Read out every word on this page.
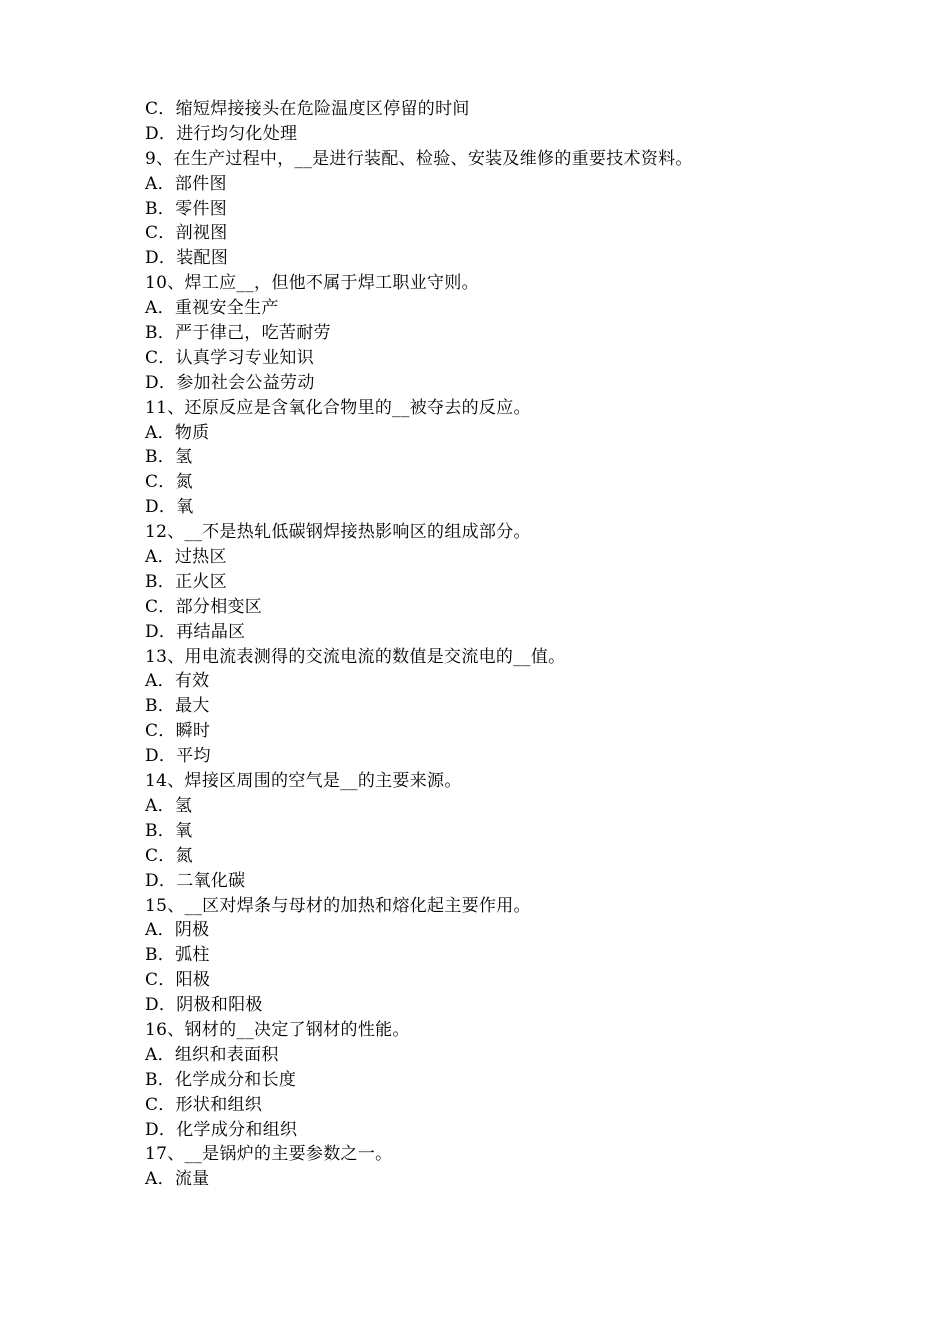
C．缩短焊接接头在危险温度区停留的时间
D．进行均匀化处理
9、在生产过程中，__是进行装配、检验、安装及维修的重要技术资料。
A．部件图
B．零件图
C．剖视图
D．装配图
10、焊工应__，但他不属于焊工职业守则。
A．重视安全生产
B．严于律己，吃苦耐劳
C．认真学习专业知识
D．参加社会公益劳动
11、还原反应是含氧化合物里的__被夺去的反应。
A．物质
B．氢
C．氮
D．氧
12、__不是热轧低碳钢焊接热影响区的组成部分。
A．过热区
B．正火区
C．部分相变区
D．再结晶区
13、用电流表测得的交流电流的数值是交流电的__值。
A．有效
B．最大
C．瞬时
D．平均
14、焊接区周围的空气是__的主要来源。
A．氢
B．氧
C．氮
D．二氧化碳
15、__区对焊条与母材的加热和熔化起主要作用。
A．阴极
B．弧柱
C．阳极
D．阴极和阳极
16、钢材的__决定了钢材的性能。
A．组织和表面积
B．化学成分和长度
C．形状和组织
D．化学成分和组织
17、__是锅炉的主要参数之一。
A．流量
